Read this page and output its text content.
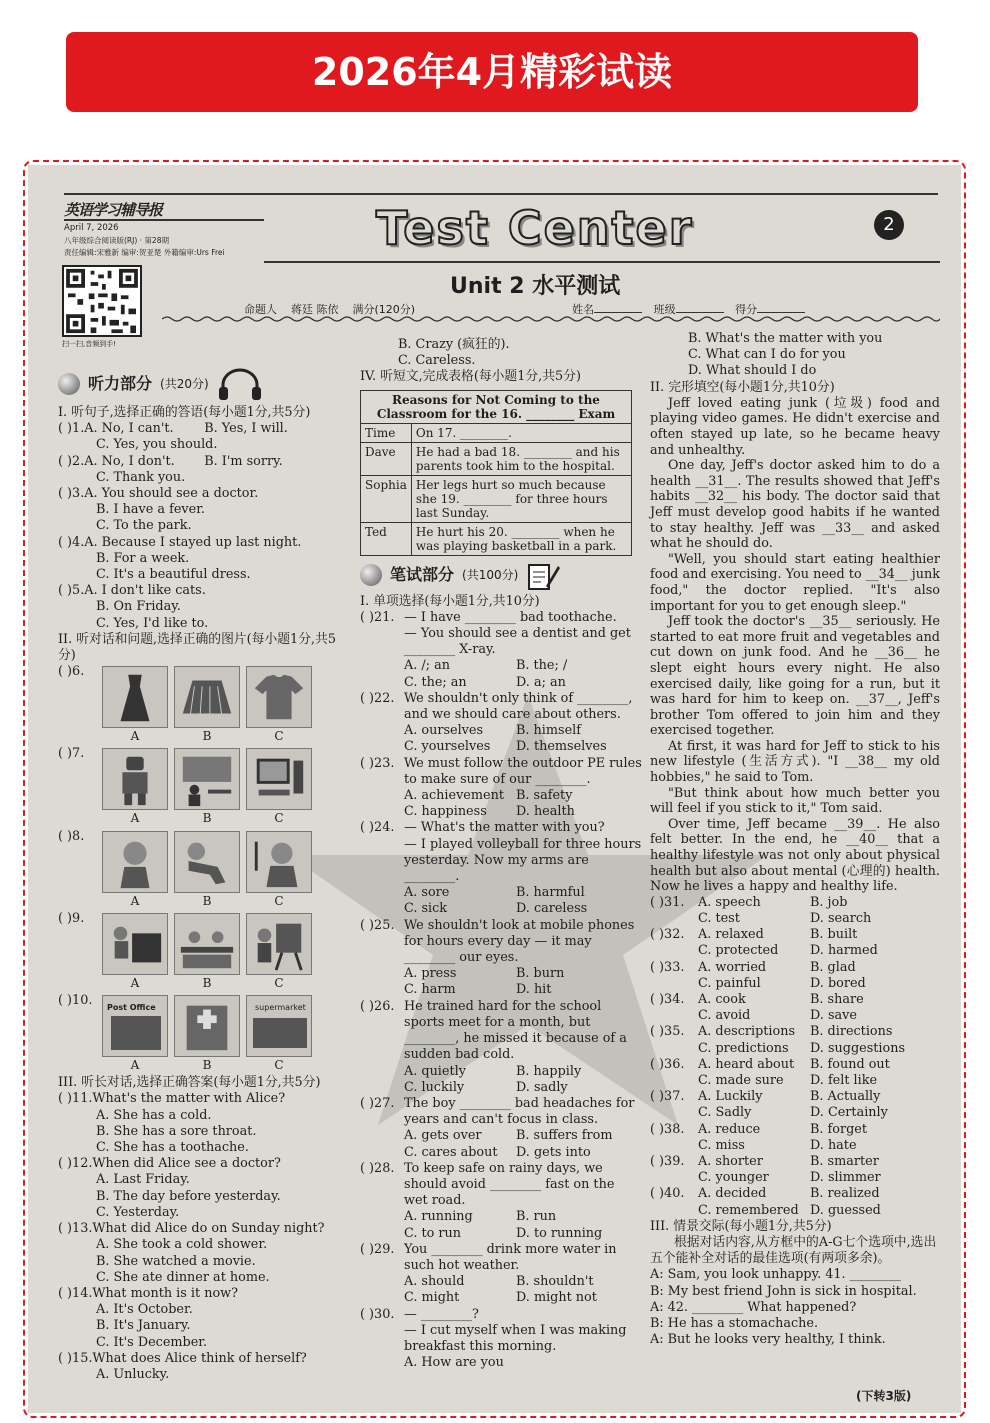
2026年4月精彩试读
英语学习辅导报
April 7, 2026
八年级综合阅读版(RJ) · 第28期
责任编辑:宋雅新 编审:贺亚楚 外籍编审:Urs Frei	Test Center	2
扫一扫,音频到手!
Unit 2 水平测试
命题人 蒋廷 陈依 满分(120分)	姓名	班级	得分
听力部分 (共20分)

I. 听句子,选择正确的答语(每小题1分,共5分)

( )1. A. No, I can't.	B. Yes, I will.

C. Yes, you should.

( )2. A. No, I don't.	B. I'm sorry.

C. Thank you.

( )3. A. You should see a doctor.

B. I have a fever.

C. To the park.

( )4. A. Because I stayed up last night.

B. For a week.

C. It's a beautiful dress.

( )5. A. I don't like cats.

B. On Friday.

C. Yes, I'd like to.

II. 听对话和问题,选择正确的图片(每小题1分,共5分)

( )6.
A	B	C
( )7.
A	B	C
( )8.
A	B	C
( )9.
A	B	C
( )10.	Post Office	supermarket
A	B	C

III. 听长对话,选择正确答案(每小题1分,共5分)

( )11. What's the matter with Alice?

A. She has a cold.

B. She has a sore throat.

C. She has a toothache.

( )12. When did Alice see a doctor?

A. Last Friday.

B. The day before yesterday.

C. Yesterday.

( )13. What did Alice do on Sunday night?

A. She took a cold shower.

B. She watched a movie.

C. She ate dinner at home.

( )14. What month is it now?

A. It's October.

B. It's January.

C. It's December.

( )15. What does Alice think of herself?

A. Unlucky.

B. Crazy (疯狂的).

C. Careless.

IV. 听短文,完成表格(每小题1分,共5分)

Reasons for Not Coming to the Classroom for the 16. ________ Exam	
Time	On 17. ________.
Dave	He had a bad 18. ________ and his parents took him to the hospital.
Sophia	Her legs hurt so much because she 19. ________ for three hours last Sunday.
Ted	He hurt his 20. ________ when he was playing basketball in a park.
笔试部分 (共100分)

I. 单项选择(每小题1分,共10分)

( )21. — I have ________ bad toothache.

— You should see a dentist and get ________ X-ray.

A. /; an	B. the; /

C. the; an	D. a; an

( )22. We shouldn't only think of ________, and we should care about others.

A. ourselves	B. himself

C. yourselves	D. themselves

( )23. We must follow the outdoor PE rules to make sure of our ________.

A. achievement B. safety

C. happiness	D. health

( )24. — What's the matter with you?

— I played volleyball for three hours yesterday. Now my arms are ________.

A. sore	B. harmful

C. sick	D. careless

( )25. We shouldn't look at mobile phones for hours every day — it may ________ our eyes.

A. press	B. burn

C. harm	D. hit

( )26. He trained hard for the school sports meet for a month, but ________, he missed it because of a sudden bad cold.

A. quietly	B. happily

C. luckily	D. sadly

( )27. The boy ________ bad headaches for years and can't focus in class.

A. gets over	B. suffers from

C. cares about	D. gets into

( )28. To keep safe on rainy days, we should avoid ________ fast on the wet road.

A. running	B. run

C. to run	D. to running

( )29. You ________ drink more water in such hot weather.

A. should	B. shouldn't

C. might	D. might not

( )30. — ________?

— I cut myself when I was making breakfast this morning.

A. How are you

B. What's the matter with you

C. What can I do for you

D. What should I do

II. 完形填空(每小题1分,共10分)

Jeff loved eating junk (垃圾) food and playing video games. He didn't exercise and often stayed up late, so he became heavy and unhealthy.

One day, Jeff's doctor asked him to do a health __31__. The results showed that Jeff's habits __32__ his body. The doctor said that Jeff must develop good habits if he wanted to stay healthy. Jeff was __33__ and asked what he should do.

"Well, you should start eating healthier food and exercising. You need to __34__ junk food," the doctor replied. "It's also important for you to get enough sleep."

Jeff took the doctor's __35__ seriously. He started to eat more fruit and vegetables and cut down on junk food. And he __36__ he slept eight hours every night. He also exercised daily, like going for a run, but it was hard for him to keep on. __37__, Jeff's brother Tom offered to join him and they exercised together.

At first, it was hard for Jeff to stick to his new lifestyle (生活方式). "I __38__ my old hobbies," he said to Tom.

"But think about how much better you will feel if you stick to it," Tom said.

Over time, Jeff became __39__. He also felt better. In the end, he __40__ that a healthy lifestyle was not only about physical health but also about mental (心理的) health. Now he lives a happy and healthy life.

( )31.	A. speech	B. job

C. test	D. search

( )32.	A. relaxed	B. built

C. protected	D. harmed

( )33.	A. worried	B. glad

C. painful	D. bored

( )34.	A. cook	B. share

C. avoid	D. save

( )35.	A. descriptions	B. directions

C. predictions	D. suggestions

( )36.	A. heard about	B. found out

C. made sure	D. felt like

( )37.	A. Luckily	B. Actually

C. Sadly	D. Certainly

( )38.	A. reduce	B. forget

C. miss	D. hate

( )39.	A. shorter	B. smarter

C. younger	D. slimmer

( )40.	A. decided	B. realized

C. remembered D. guessed

III. 情景交际(每小题1分,共5分)

根据对话内容,从方框中的A-G七个选项中,选出五个能补全对话的最佳选项(有两项多余)。

A: Sam, you look unhappy. 41. ________

B: My best friend John is sick in hospital.

A: 42. ________ What happened?

B: He has a stomachache.

A: But he looks very healthy, I think.

(下转3版)
